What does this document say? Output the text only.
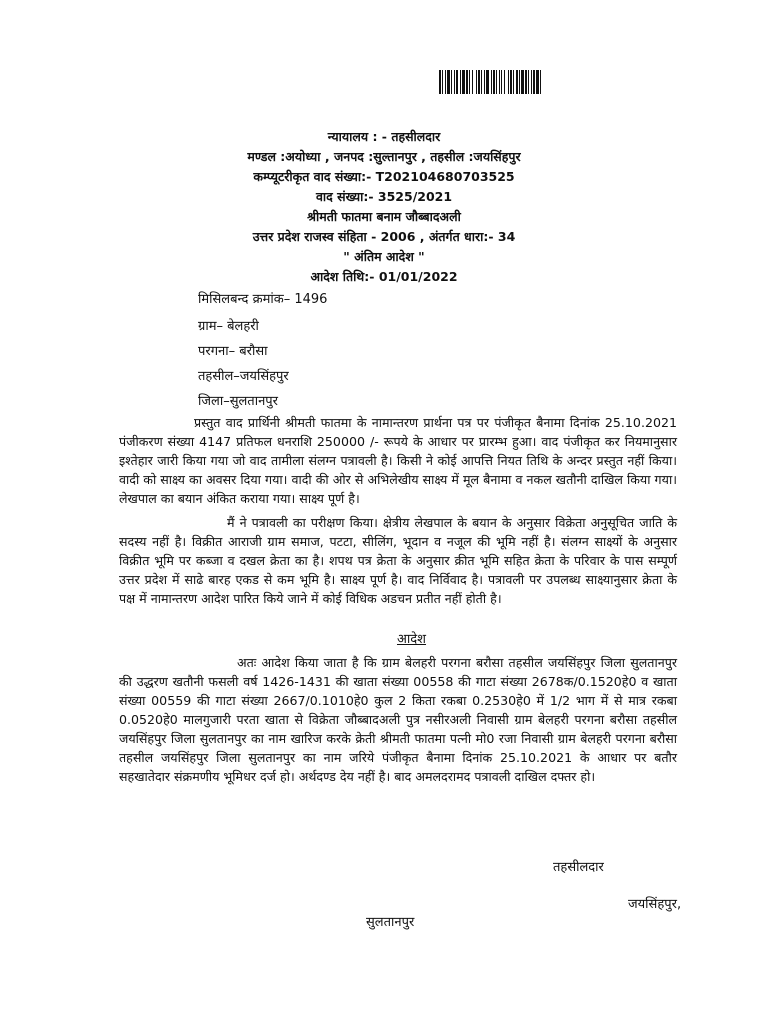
न्यायालय : - तहसीलदार
मण्डल :अयोध्या , जनपद :सुल्तानपुर , तहसील :जयसिंहपुर
कम्प्यूटरीकृत वाद संख्या:- T202104680703525
वाद संख्या:- 3525/2021
श्रीमती फातमा बनाम जौब्बादअली
उत्तर प्रदेश राजस्व संहिता - 2006 , अंतर्गत धारा:- 34
" अंतिम आदेश "
आदेश तिथि:- 01/01/2022
मिसिलबन्द क्रमांक– 1496
ग्राम– बेलहरी
परगना– बरौसा
तहसील–जयसिंहपुर
जिला–सुलतानपुर

प्रस्तुत वाद प्रार्थिनी श्रीमती फातमा के नामान्तरण प्रार्थना पत्र पर पंजीकृत बैनामा दिनांक 25.10.2021 पंजीकरण संख्या 4147 प्रतिफल धनराशि 250000 /- रूपये के आधार पर प्रारम्भ हुआ। वाद पंजीकृत कर नियमानुसार इश्तेहार जारी किया गया जो वाद तामीला संलग्न पत्रावली है। किसी ने कोई आपत्ति नियत तिथि के अन्दर प्रस्तुत नहीं किया। वादी को साक्ष्य का अवसर दिया गया। वादी की ओर से अभिलेखीय साक्ष्य में मूल बैनामा व नकल खतौनी दाखिल किया गया। लेखपाल का बयान अंकित कराया गया। साक्ष्य पूर्ण है।

मैं ने पत्रावली का परीक्षण किया। क्षेत्रीय लेखपाल के बयान के अनुसार विक्रेता अनुसूचित जाति के सदस्य नहीं है। विक्रीत आराजी ग्राम समाज, पटटा, सीलिंग, भूदान व नजूल की भूमि नहीं है। संलग्न साक्ष्यों के अनुसार विक्रीत भूमि पर कब्जा व दखल क्रेता का है। शपथ पत्र क्रेता के अनुसार क्रीत भूमि सहित क्रेता के परिवार के पास सम्पूर्ण उत्तर प्रदेश में साढे बारह एकड से कम भूमि है। साक्ष्य पूर्ण है। वाद निर्विवाद है। पत्रावली पर उपलब्ध साक्ष्यानुसार क्रेता के पक्ष में नामान्तरण आदेश पारित किये जाने में कोई विधिक अडचन प्रतीत नहीं होती है।

आदेश

अतः आदेश किया जाता है कि ग्राम बेलहरी परगना बरौसा तहसील जयसिंहपुर जिला सुलतानपुर की उद्धरण खतौनी फसली वर्ष 1426-1431 की खाता संख्या 00558 की गाटा संख्या 2678क/0.1520हे0 व खाता संख्या 00559 की गाटा संख्या 2667/0.1010हे0 कुल 2 किता रकबा 0.2530हे0 में 1/2 भाग में से मात्र रकबा 0.0520हे0 मालगुजारी परता खाता से विक्रेता जौब्बादअली पुत्र नसीरअली निवासी ग्राम बेलहरी परगना बरौसा तहसील जयसिंहपुर जिला सुलतानपुर का नाम खारिज करके क्रेती श्रीमती फातमा पत्नी मो0 रजा निवासी ग्राम बेलहरी परगना बरौसा तहसील जयसिंहपुर जिला सुलतानपुर का नाम जरिये पंजीकृत बैनामा दिनांक 25.10.2021 के आधार पर बतौर सहखातेदार संक्रमणीय भूमिधर दर्ज हो। अर्थदण्ड देय नहीं है। बाद अमलदरामद पत्रावली दाखिल दफ्तर हो।

तहसीलदार
जयसिंहपुर,
सुलतानपुर
